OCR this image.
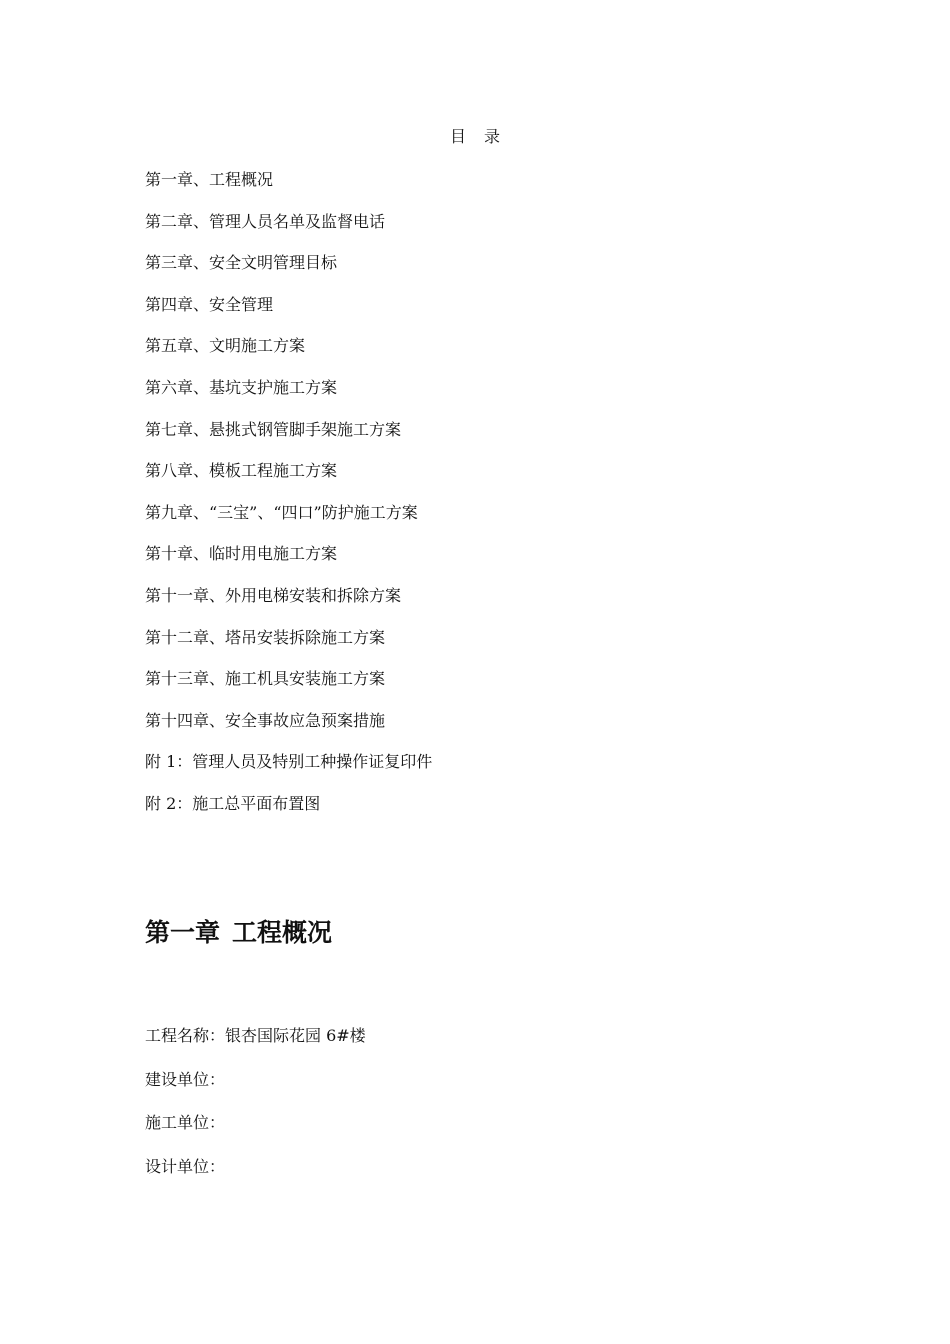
目 录
第一章、工程概况
第二章、管理人员名单及监督电话
第三章、安全文明管理目标
第四章、安全管理
第五章、文明施工方案
第六章、基坑支护施工方案
第七章、悬挑式钢管脚手架施工方案
第八章、模板工程施工方案
第九章、“三宝”、“四口”防护施工方案
第十章、临时用电施工方案
第十一章、外用电梯安装和拆除方案
第十二章、塔吊安装拆除施工方案
第十三章、施工机具安装施工方案
第十四章、安全事故应急预案措施
附 1：管理人员及特别工种操作证复印件
附 2：施工总平面布置图
第一章 工程概况
工程名称：银杏国际花园 6#楼
建设单位：
施工单位：
设计单位：
